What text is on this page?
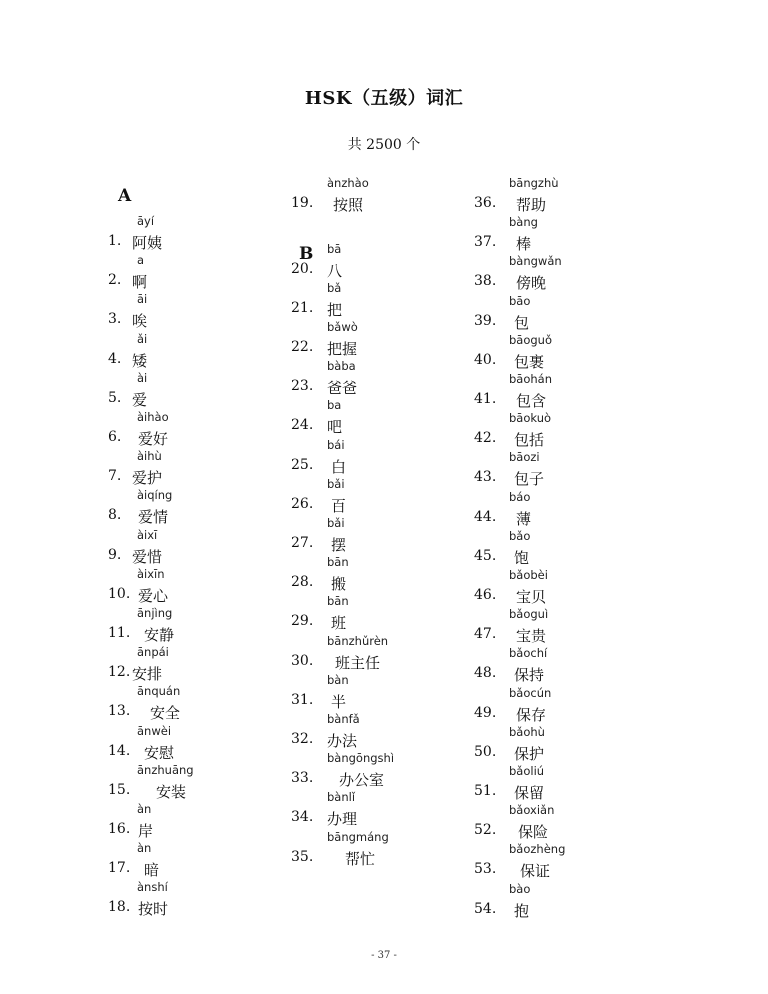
HSK（五级）词汇
共 2500 个
A
B
āyí
1. 阿姨
a
2. 啊
āi
3. 唉
ǎi
4. 矮
ài
5. 爱
àihào
6. 爱好
àihù
7. 爱护
àiqíng
8. 爱情
àixī
9. 爱惜
àixīn
10. 爱心
ānjìng
11. 安静
ānpái
12. 安排
ānquán
13. 安全
ānwèi
14. 安慰
ānzhuāng
15. 安装
àn
16. 岸
àn
17. 暗
ànshí
18. 按时
ànzhào
19. 按照
bā
20. 八
bǎ
21. 把
bǎwò
22. 把握
bàba
23. 爸爸
ba
24. 吧
bái
25. 白
bǎi
26. 百
bǎi
27. 摆
bān
28. 搬
bān
29. 班
bānzhǔrèn
30. 班主任
bàn
31. 半
bànfǎ
32. 办法
bàngōngshì
33. 办公室
bànlǐ
34. 办理
bāngmáng
35. 帮忙
bāngzhù
36. 帮助
bàng
37. 棒
bàngwǎn
38. 傍晚
bāo
39. 包
bāoguǒ
40. 包裹
bāohán
41. 包含
bāokuò
42. 包括
bāozi
43. 包子
báo
44. 薄
bǎo
45. 饱
bǎobèi
46. 宝贝
bǎoguì
47. 宝贵
bǎochí
48. 保持
bǎocún
49. 保存
bǎohù
50. 保护
bǎoliú
51. 保留
bǎoxiǎn
52. 保险
bǎozhèng
53. 保证
bào
54. 抱
- 37 -
